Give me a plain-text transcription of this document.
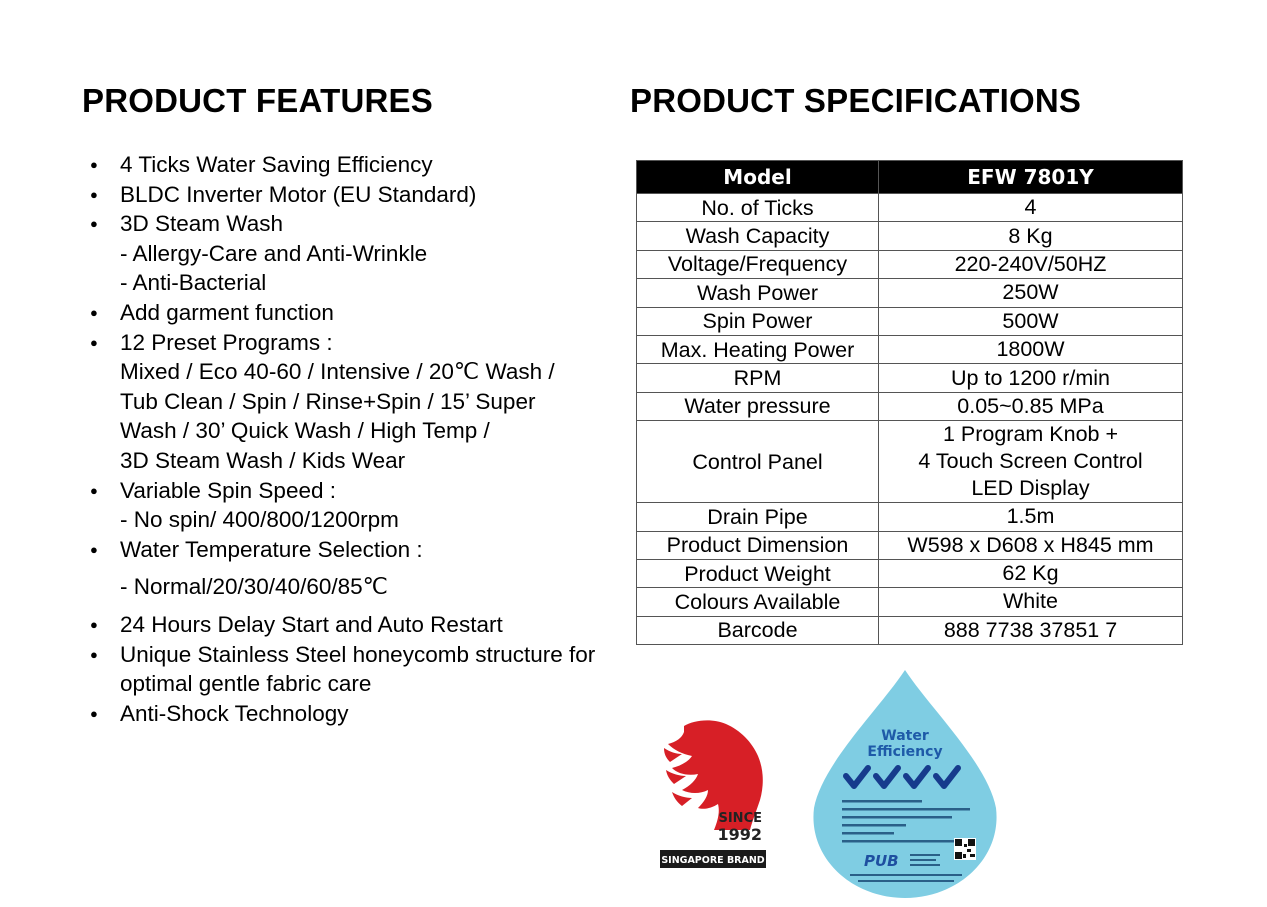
PRODUCT FEATURES
● 4 Ticks Water Saving Efficiency
● BLDC Inverter Motor (EU Standard)
● 3D Steam Wash
- Allergy-Care and Anti-Wrinkle
- Anti-Bacterial
● Add garment function
● 12 Preset Programs :
Mixed / Eco 40-60 / Intensive / 20℃ Wash /
Tub Clean / Spin / Rinse+Spin / 15’ Super
Wash / 30’ Quick Wash / High Temp /
3D Steam Wash / Kids Wear
● Variable Spin Speed :
- No spin/ 400/800/1200rpm
● Water Temperature Selection :
- Normal/20/30/40/60/85℃
● 24 Hours Delay Start and Auto Restart
● Unique Stainless Steel honeycomb structure for
optimal gentle fabric care
● Anti-Shock Technology
PRODUCT SPECIFICATIONS
Model	EFW 7801Y
No. of Ticks	4

Wash Capacity	8 Kg

Voltage/Frequency	220-240V/50HZ

Wash Power	250W

Spin Power	500W

Max. Heating Power	1800W

RPM	Up to 1200 r/min

Water pressure	0.05~0.85 MPa

Control Panel	1 Program Knob +
4 Touch Screen Control
LED Display

Drain Pipe	1.5m

Product Dimension	W598 x D608 x H845 mm

Product Weight	62 Kg

Colours Available	White

Barcode	888 7738 37851 7
SINCE
1992
SINGAPORE BRAND
Water
Efficiency
PUB
